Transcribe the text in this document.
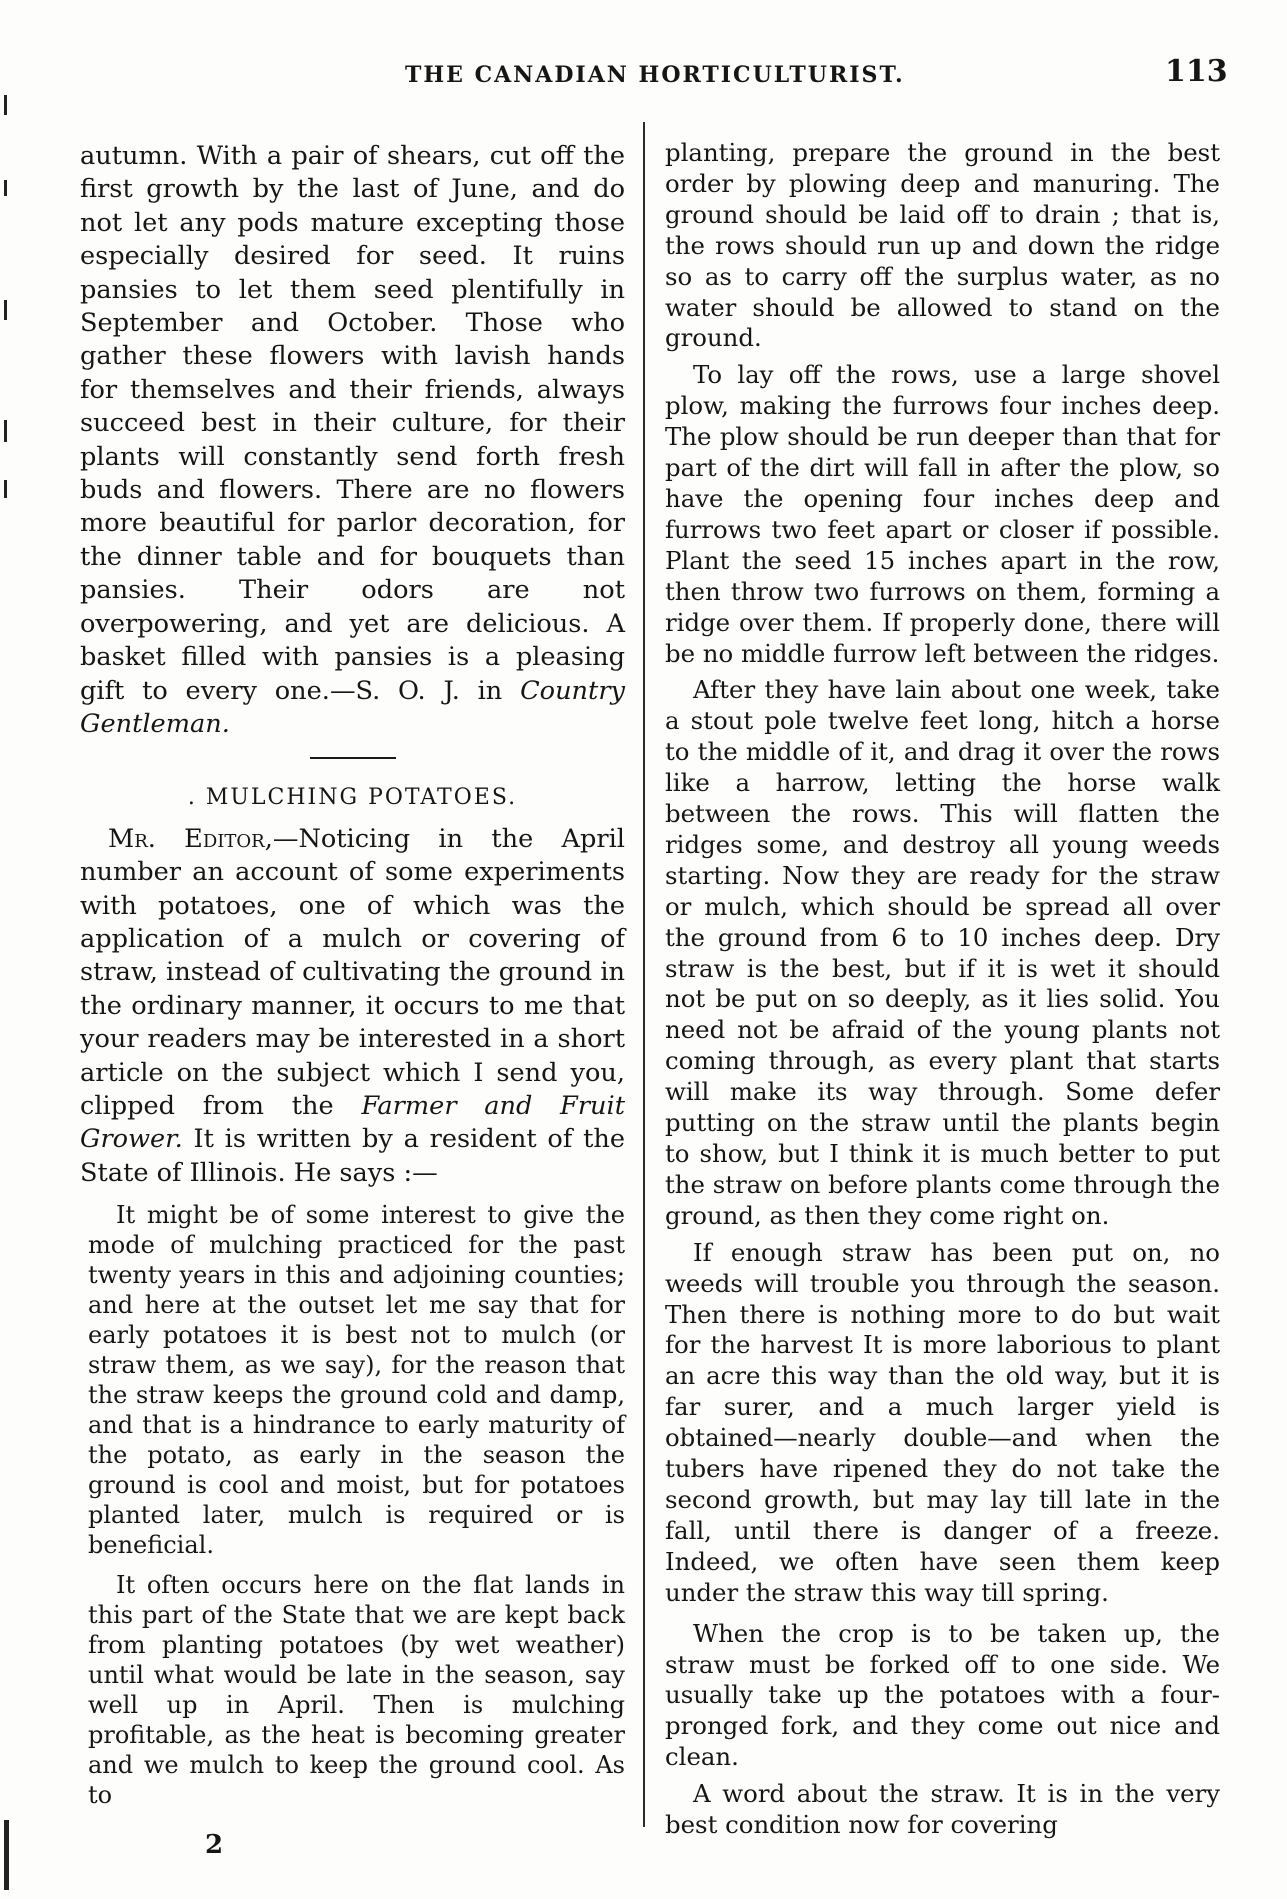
THE CANADIAN HORTICULTURIST.	113

autumn. With a pair of shears, cut off the first growth by the last of June, and do not let any pods mature excepting those especially desired for seed. It ruins pansies to let them seed plentifully in September and October. Those who gather these flowers with lavish hands for themselves and their friends, always succeed best in their culture, for their plants will constantly send forth fresh buds and flowers. There are no flowers more beautiful for parlor decoration, for the dinner table and for bouquets than pansies. Their odors are not overpowering, and yet are delicious. A basket filled with pansies is a pleasing gift to every one.—S. O. J. in Country Gentleman.

. MULCHING POTATOES.

Mr. Editor,—Noticing in the April number an account of some experiments with potatoes, one of which was the application of a mulch or covering of straw, instead of cultivating the ground in the ordinary manner, it occurs to me that your readers may be interested in a short article on the subject which I send you, clipped from the Farmer and Fruit Grower. It is written by a resident of the State of Illinois. He says :—

It might be of some interest to give the mode of mulching practiced for the past twenty years in this and adjoining counties; and here at the outset let me say that for early potatoes it is best not to mulch (or straw them, as we say), for the reason that the straw keeps the ground cold and damp, and that is a hindrance to early maturity of the potato, as early in the season the ground is cool and moist, but for potatoes planted later, mulch is required or is beneficial.

It often occurs here on the flat lands in this part of the State that we are kept back from planting potatoes (by wet weather) until what would be late in the season, say well up in April. Then is mulching profitable, as the heat is becoming greater and we mulch to keep the ground cool. As to

2

planting, prepare the ground in the best order by plowing deep and manuring. The ground should be laid off to drain ; that is, the rows should run up and down the ridge so as to carry off the surplus water, as no water should be allowed to stand on the ground.

To lay off the rows, use a large shovel plow, making the furrows four inches deep. The plow should be run deeper than that for part of the dirt will fall in after the plow, so have the opening four inches deep and furrows two feet apart or closer if possible. Plant the seed 15 inches apart in the row, then throw two furrows on them, forming a ridge over them. If properly done, there will be no middle furrow left between the ridges.

After they have lain about one week, take a stout pole twelve feet long, hitch a horse to the middle of it, and drag it over the rows like a harrow, letting the horse walk between the rows. This will flatten the ridges some, and destroy all young weeds starting. Now they are ready for the straw or mulch, which should be spread all over the ground from 6 to 10 inches deep. Dry straw is the best, but if it is wet it should not be put on so deeply, as it lies solid. You need not be afraid of the young plants not coming through, as every plant that starts will make its way through. Some defer putting on the straw until the plants begin to show, but I think it is much better to put the straw on before plants come through the ground, as then they come right on.

If enough straw has been put on, no weeds will trouble you through the season. Then there is nothing more to do but wait for the harvest It is more laborious to plant an acre this way than the old way, but it is far surer, and a much larger yield is obtained—nearly double—and when the tubers have ripened they do not take the second growth, but may lay till late in the fall, until there is danger of a freeze. Indeed, we often have seen them keep under the straw this way till spring.

When the crop is to be taken up, the straw must be forked off to one side. We usually take up the potatoes with a four-pronged fork, and they come out nice and clean.

A word about the straw. It is in the very best condition now for covering
